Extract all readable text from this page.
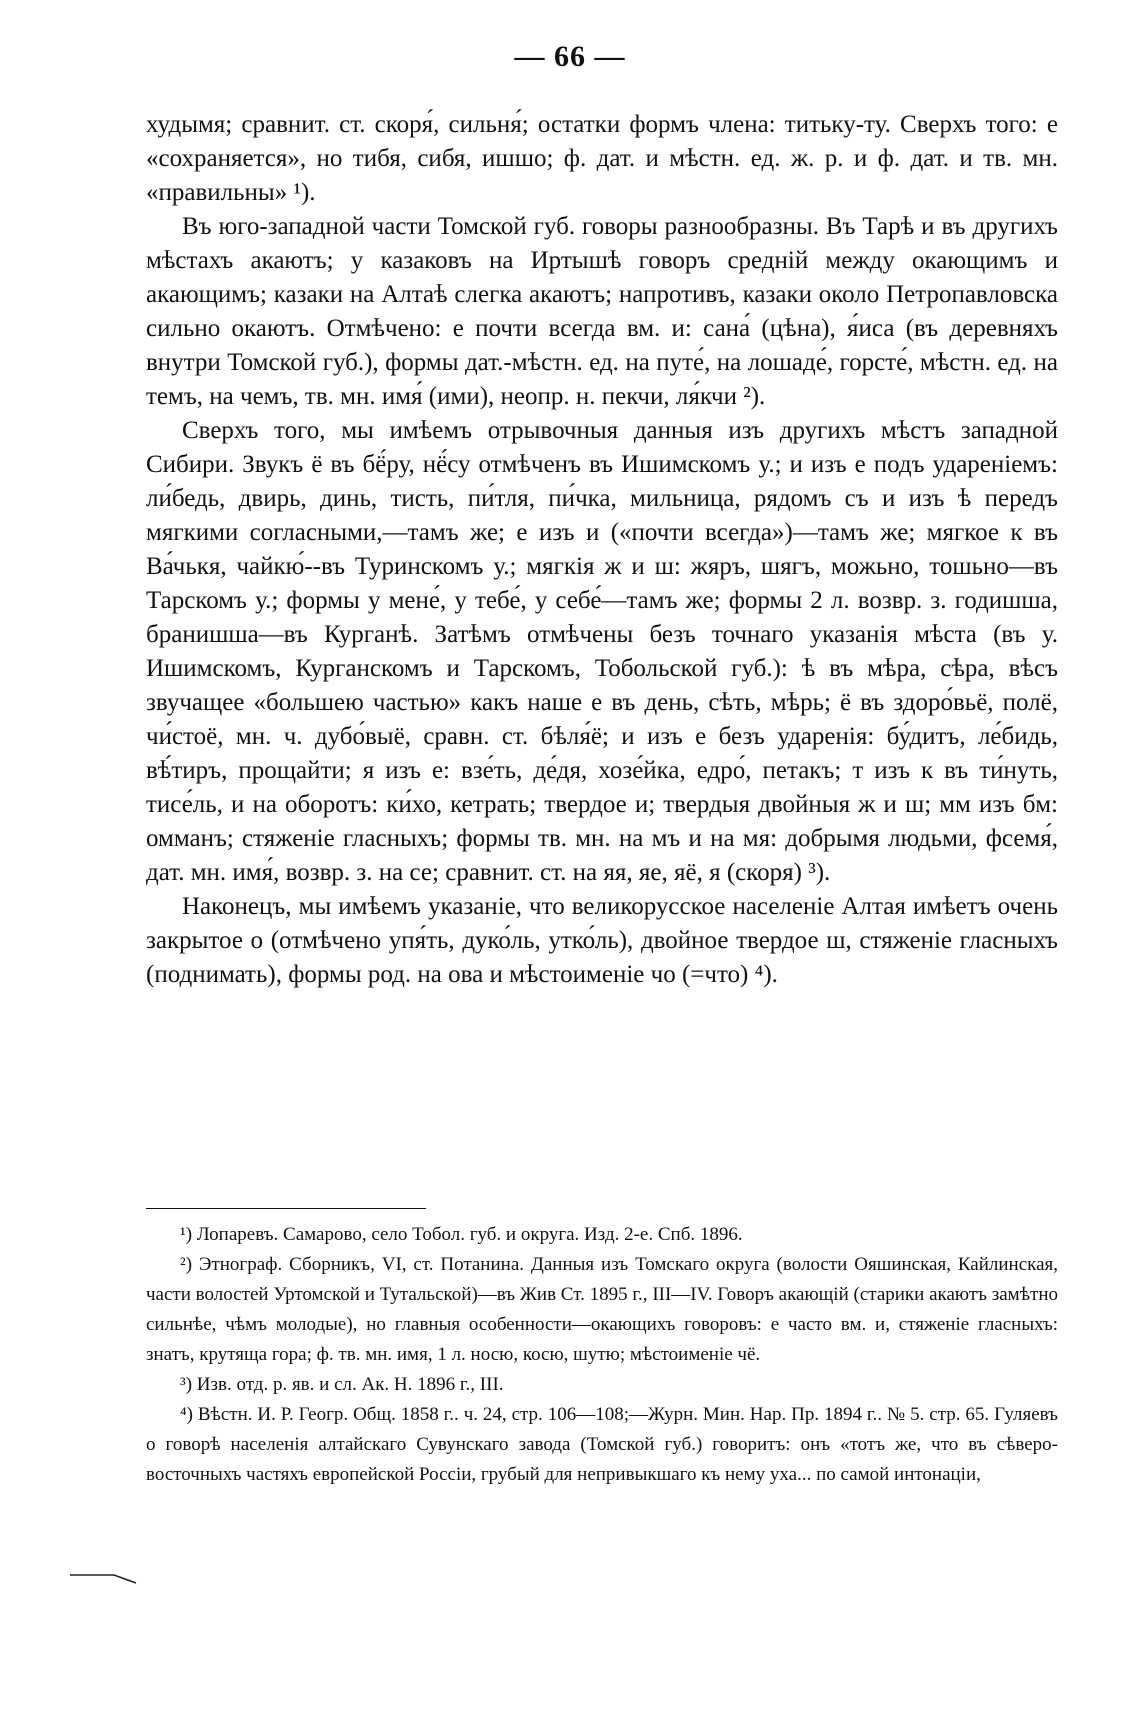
— 66 —

худымя; сравнит. ст. скоря́, сильня́; остатки формъ члена: титьку-ту. Сверхъ того: е «сохраняется», но тибя, сибя, ишшо; ф. дат. и мѣстн. ед. ж. р. и ф. дат. и тв. мн. «правильны» ¹).

Въ юго-западной части Томской губ. говоры разнообразны. Въ Тарѣ и въ другихъ мѣстахъ акаютъ; у казаковъ на Иртышѣ говоръ среднiй между окающимъ и акающимъ; казаки на Алтаѣ слегка акаютъ; напротивъ, казаки около Петропавловска сильно окаютъ. Отмѣчено: е почти всегда вм. и: сана́ (цѣна), я́иса (въ деревняхъ внутри Томской губ.), формы дат.-мѣстн. ед. на путе́, на лошаде́, горсте́, мѣстн. ед. на темъ, на чемъ, тв. мн. имя́ (ими), неопр. н. пекчи, ля́кчи ²).

Сверхъ того, мы имѣемъ отрывочныя данныя изъ другихъ мѣстъ западной Сибири. Звукъ ё въ бё́ру, нё́су отмѣченъ въ Ишимскомъ у.; и изъ е подъ удареніемъ: ли́бедь, двирь, динь, тисть, пи́тля, пи́чка, мильница, рядомъ съ и изъ ѣ передъ мягкими согласными,—тамъ же; е изъ и («почти всегда»)—тамъ же; мягкое к въ Ва́чькя, чайкю́--въ Туринскомъ у.; мягкія ж и ш: жяръ, шягъ, можьно, тошьно—въ Тарскомъ у.; формы у мене́, у тебе́, у себе́—тамъ же; формы 2 л. возвр. з. годишша, бранишша—въ Курганѣ. Затѣмъ отмѣчены безъ точнаго указанія мѣста (въ у. Ишимскомъ, Курганскомъ и Тарскомъ, Тобольской губ.): ѣ въ мѣра, сѣра, вѣсъ звучащее «большею частью» какъ наше е въ день, сѣть, мѣрь; ё въ здоро́вьё, полё, чи́стоё, мн. ч. дубо́выё, сравн. ст. бѣля́ё; и изъ е безъ ударенія: бу́дитъ, ле́бидь, вѣ́тиръ, прощайти; я изъ е: взе́ть, де́дя, хозе́йка, едро́, петакъ; т изъ к въ ти́нуть, тисе́ль, и на оборотъ: ки́хо, кетрать; твердое и; твердыя двойныя ж и ш; мм изъ бм: омманъ; стяженіе гласныхъ; формы тв. мн. на мъ и на мя: добрымя людьми, фсемя́, дат. мн. имя́, возвр. з. на се; сравнит. ст. на яя, яе, яё, я (скоря) ³).

Наконецъ, мы имѣемъ указаніе, что великорусское населеніе Алтая имѣетъ очень закрытое о (отмѣчено упя́ть, дуко́ль, утко́ль), двойное твердое ш, стяженіе гласныхъ (поднимать), формы род. на ова и мѣстоименіе чо (=что) ⁴).

¹) Лопаревъ. Самарово, село Тобол. губ. и округа. Изд. 2-е. Спб. 1896.

²) Этнограф. Сборникъ, VI, ст. Потанина. Данныя изъ Томскаго округа (волости Ояшинская, Кайлинская, части волостей Уртомской и Тутальской)—въ Жив Ст. 1895 г., III—IV. Говоръ акающій (старики акаютъ замѣтно сильнѣе, чѣмъ молодые), но главныя особенности—окающихъ говоровъ: е часто вм. и, стяженіе гласныхъ: знатъ, крутяща гора; ф. тв. мн. имя, 1 л. носю, косю, шутю; мѣстоименіе чё.

³) Изв. отд. р. яв. и сл. Ак. Н. 1896 г., III.

⁴) Вѣстн. И. Р. Геогр. Общ. 1858 г.. ч. 24, стр. 106—108;—Журн. Мин. Нар. Пр. 1894 г.. № 5. стр. 65. Гуляевъ о говорѣ населенія алтайскаго Сувунскаго завода (Томской губ.) говоритъ: онъ «тотъ же, что въ сѣверо-восточныхъ частяхъ европейской Россіи, грубый для непривыкшаго къ нему уха... по самой интонаціи,
